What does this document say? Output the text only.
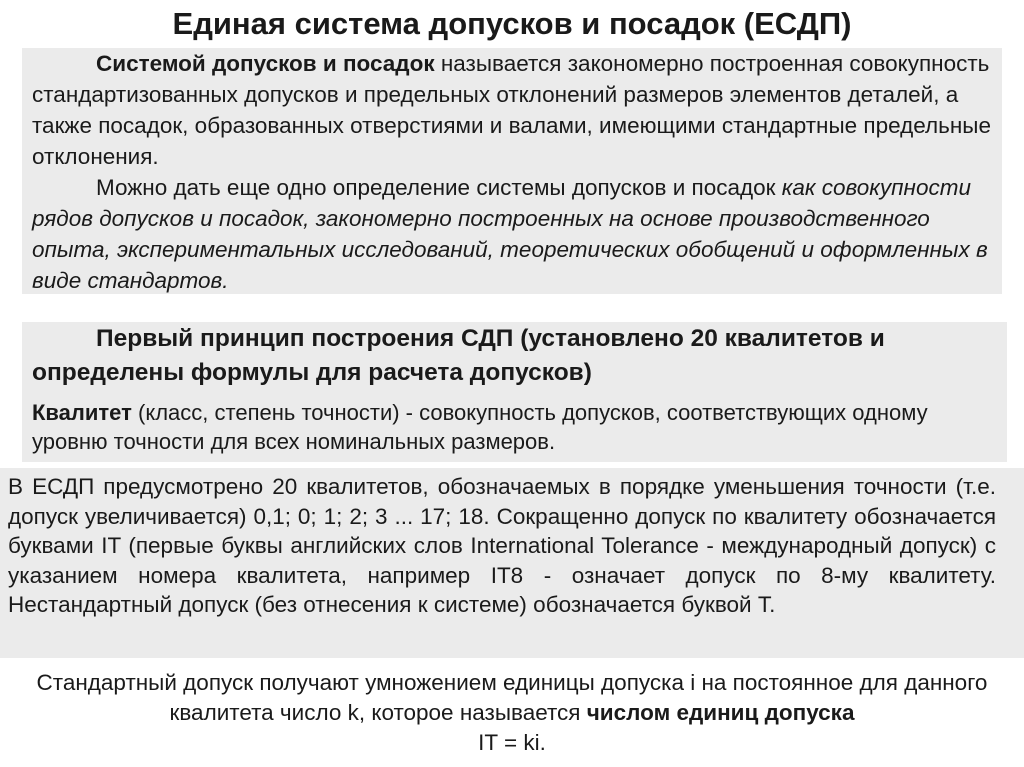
Единая система допусков и посадок (ЕСДП)

Системой допусков и посадок называется закономерно построенная совокупность стандартизованных допусков и предельных отклонений размеров элементов деталей, а также посадок, образованных отверстиями и валами, имеющими стандартные предельные отклонения.

Можно дать еще одно определение системы допусков и посадок как совокупности рядов допусков и посадок, закономерно построенных на основе производственного опыта, экспериментальных исследований, теоретических обобщений и оформленных в виде стандартов.

Первый принцип построения СДП (установлено 20 квалитетов и определены формулы для расчета допусков)

Квалитет (класс, степень точности) - совокупность допусков, соответствующих одному уровню точности для всех номинальных размеров.

В ЕСДП предусмотрено 20 квалитетов, обозначаемых в порядке уменьшения точности (т.е. допуск увеличивается) 0,1; 0; 1; 2; 3 ... 17; 18. Сокращенно допуск по квалитету обозначается буквами IT (первые буквы английских слов International Tolerance - международный допуск) с указанием номера квалитета, например IT8 - означает допуск по 8-му квалитету. Нестандартный допуск (без отнесения к системе) обозначается буквой Т.

Стандартный допуск получают умножением единицы допуска i на постоянное для данного квалитета число k, которое называется числом единиц допуска
IT = ki.
